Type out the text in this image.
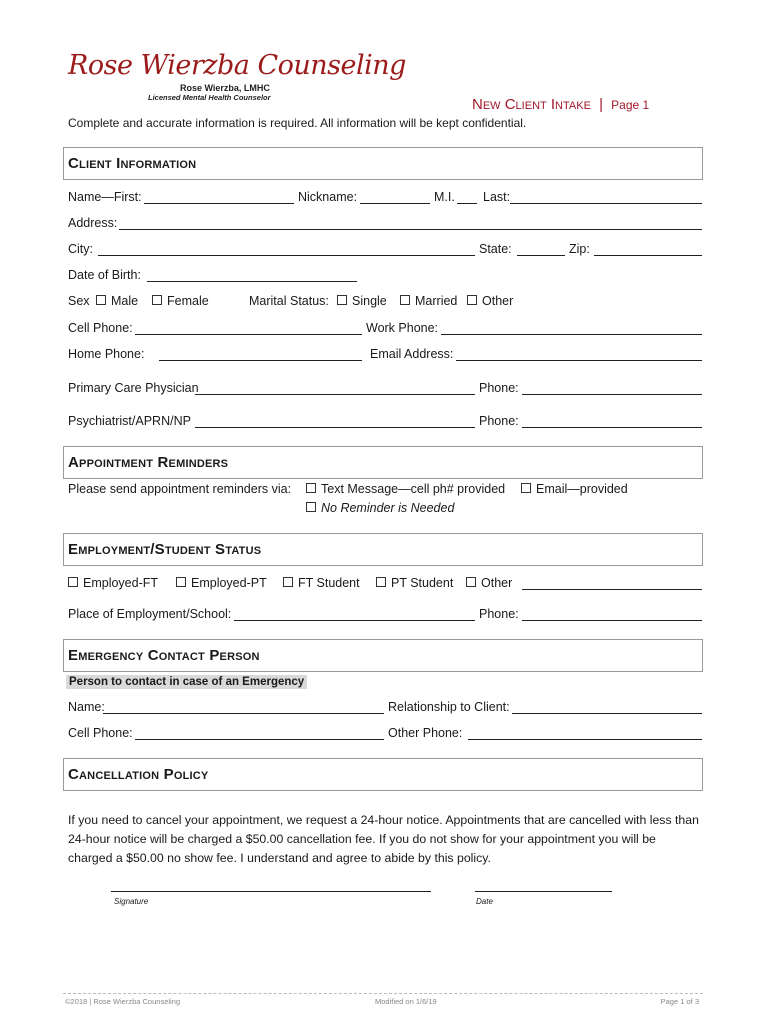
Rose Wierzba Counseling
Rose Wierzba, LMHC
Licensed Mental Health Counselor	New Client Intake | Page 1
Complete and accurate information is required. All information will be kept confidential.
Client Information
Name—First:	Nickname:	M.I. Last:
Address:
City:	State:	Zip:
Date of Birth:
Sex	Male	Female	Marital Status:	Single	Married	Other
Cell Phone:	Work Phone:
Home Phone:	Email Address:
Primary Care Physician	Phone:
Psychiatrist/APRN/NP	Phone:
Appointment Reminders
Please send appointment reminders via:	Text Message—cell ph# provided	Email—provided
No Reminder is Needed
Employment/Student Status
Employed-FT	Employed-PT	FT Student	PT Student	Other
Place of Employment/School:	Phone:
Emergency Contact Person
Person to contact in case of an Emergency
Name:	Relationship to Client:
Cell Phone:	Other Phone:
Cancellation Policy
If you need to cancel your appointment, we request a 24-hour notice. Appointments that are cancelled with less than 24-hour notice will be charged a $50.00 cancellation fee. If you do not show for your appointment you will be charged a $50.00 no show fee. I understand and agree to abide by this policy.
Signature	Date
©2018 | Rose Wierzba Counseling	Modified on 1/6/19	Page 1 of 3
